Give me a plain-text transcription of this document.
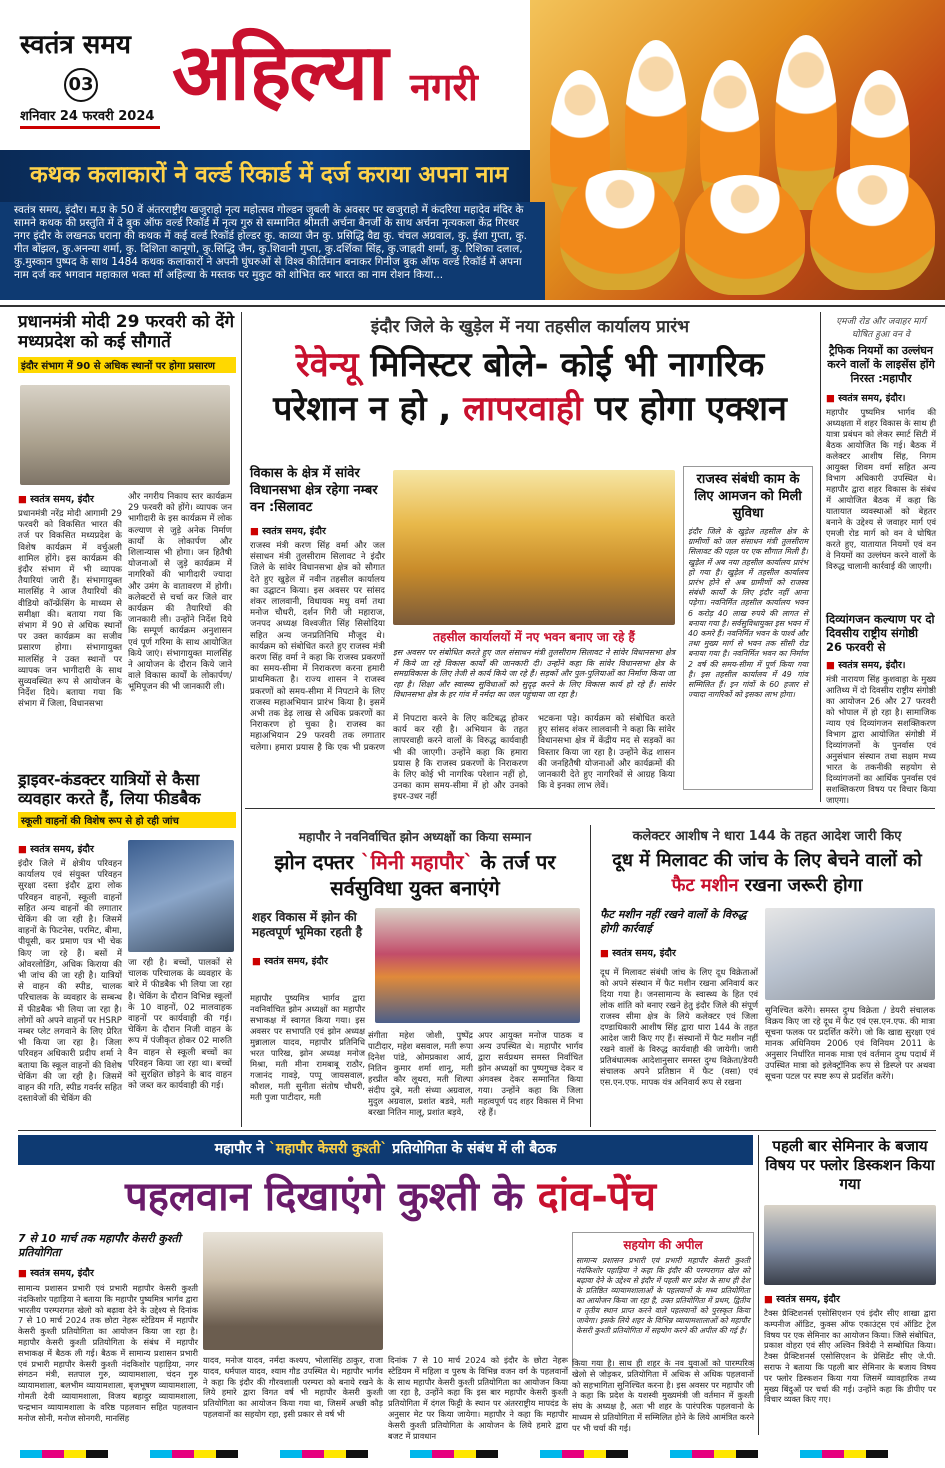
स्वतंत्र समय
03
शनिवार 24 फरवरी 2024 अहिल्या नगरी
कथक कलाकारों ने वर्ल्ड रिकार्ड में दर्ज कराया अपना नाम
स्वतंत्र समय, इंदौर। म.प्र के 50 वें अंतरराष्ट्रीय खजुराहो नृत्य महोत्सव गोल्डन जुबली के अवसर पर खजुराहो में कंदरिया महादेव मंदिर के सामने कथक की प्रस्तुति में दे बुक ऑफ वर्ल्ड रिकॉर्ड में नृत्य गुरु से सम्मानित श्रीमती अर्चना बैनर्जी के साथ अर्चना नृत्यकला केंद्र गिरधर नगर इंदौर के लखनऊ घराना की कथक में कई वर्ल्ड रिकॉर्ड होल्डर कु. काव्या जैन कु. प्रसिद्धि वैद्य कु. चंचल अग्रवाल, कु. ईशा गुप्ता, कु. गीत बोंझल, कु.अनन्या शर्मा, कु. दिशिता कानूगो, कु.सिद्धि जैन, कु.शिवानी गुप्ता, कु.दर्शिका सिंह, कु.जाह्नवी शर्मा, कु. रिशिका दलाल, कु.मुस्कान पुष्पद के साथ 1484 कथक कलाकारों ने अपनी घुंघरुओं से विश्व कीर्तिमान बनाकर गिनीज बुक ऑफ वर्ल्ड रिकॉर्ड में अपना नाम दर्ज कर भगवान महाकाल भक्त माँ अहिल्या के मस्तक पर मुकुट को शोभित कर भारत का नाम रोशन किया...
प्रधानमंत्री मोदी 29 फरवरी को देंगे मध्यप्रदेश को कई सौगातें
इंदौर संभाग में 90 से अधिक स्थानों पर होगा प्रसारण
■ स्वतंत्र समय, इंदौर
प्रधानमंत्री नरेंद्र मोदी आगामी 29 फरवरी को विकसित भारत की तर्ज पर विकसित मध्यप्रदेश के विशेष कार्यक्रम में वर्चुअली शामिल होंगे। इस कार्यक्रम की इंदौर संभाग में भी व्यापक तैयारियां जारी हैं। संभागायुक्त मालसिंह ने आज तैयारियों की वीडियो कॉन्फ्रेंसिंग के माध्यम से समीक्षा की। बताया गया कि संभाग में 90 से अधिक स्थानों पर उक्त कार्यक्रम का सजीव प्रसारण होगा। संभागायुक्त मालसिंह ने उक्त स्थानों पर व्यापक जन भागीदारी के साथ सुव्यवस्थित रूप से आयोजन के निर्देश दिये। बताया गया कि संभाग में जिला, विधानसभा
और नगरीय निकाय स्तर कार्यक्रम 29 फरवरी को होंगे। व्यापक जन भागीदारी के इस कार्यक्रम में लोक कल्याण से जुड़े अनेक निर्माण कार्यों के लोकार्पण और शिलान्यास भी होगा। जन हितैषी योजनाओं से जुड़े कार्यक्रम में नागरिकों की भागीदारी ज्यादा और उमंग के वातावरण में होगी। कलेक्टरों से चर्चा कर जिले वार कार्यक्रम की तैयारियों की जानकारी ली। उन्होंने निर्देश दिये कि सम्पूर्ण कार्यक्रम अनुशासन एवं पूर्ण गरिमा के साथ आयोजित किये जाएं। संभागायुक्त मालसिंह ने आयोजन के दौरान किये जाने वाले विकास कार्यों के लोकार्पण/भूमिपूजन की भी जानकारी ली।
ड्राइवर-कंडक्टर यात्रियों से कैसा व्यवहार करते हैं, लिया फीडबैक
स्कूली वाहनों की विशेष रूप से हो रही जांच
■ स्वतंत्र समय, इंदौर
इंदौर जिले में क्षेत्रीय परिवहन कार्यालय एवं संयुक्त परिवहन सुरक्षा दस्ता इंदौर द्वारा लोक परिवहन वाहनों, स्कूली वाहनों सहित अन्य वाहनों की लगातार चेकिंग की जा रही है। जिसमें वाहनों के फिटनेस, परमिट, बीमा, पीयूसी, कर प्रमाण पत्र भी चेक किए जा रहे हैं। बसों में ओवरलोडिंग, अधिक किराया की भी जांच की जा रही है। यात्रियों से वाहन की स्पीड, चालक परिचालक के व्यवहार के सम्बन्ध में फीडबैक भी लिया जा रहा है। लोगों को अपने वाहनों पर HSRP नम्बर प्लेट लगवाने के लिए प्रेरित भी किया जा रहा है। जिला परिवहन अधिकारी प्रदीप शर्मा ने बताया कि स्कूल वाहनों की विशेष चेकिंग की जा रही है। जिसमें वाहन की गति, स्पीड गवर्नर सहित दस्तावेजों की चेकिंग की
जा रही है। बच्चों, पालकों से चालक परिचालक के व्यवहार के बारे में फीडबैक भी लिया जा रहा है। चेकिंग के दौरान विभिन्न स्कूलों के 10 वाहनों, 02 मालवाहक वाहनों पर कार्यवाही की गई। चेकिंग के दौरान निजी वाहन के रूप में पंजीकृत होकर 02 मारुति वैन वाहन से स्कूली बच्चों का परिवहन किया जा रहा था। बच्चों को सुरक्षित छोड़ने के बाद वाहन को जब्त कर कार्यवाही की गई।
इंदौर जिले के खुड़ेल में नया तहसील कार्यालय प्रारंभ
रेवेन्यू मिनिस्टर बोले- कोई भी नागरिक
परेशान न हो , लापरवाही पर होगा एक्शन
विकास के क्षेत्र में सांवेर विधानसभा क्षेत्र रहेगा नम्बर वन :सिलावट
■ स्वतंत्र समय, इंदौर
राजस्व मंत्री करण सिंह वर्मा और जल संसाधन मंत्री तुलसीराम सिलावट ने इंदौर जिले के सांवेर विधानसभा क्षेत्र को सौगात देते हुए खुड़ेल में नवीन तहसील कार्यालय का उद्घाटन किया। इस अवसर पर सांसद शंकर लालवानी, विधायक मधु वर्मा तथा मनोज चौधरी, दर्शन गिरी जी महाराज, जनपद अध्यक्ष विश्वजीत सिंह सिसोदिया सहित अन्य जनप्रतिनिधि मौजूद थे। कार्यक्रम को संबोधित करते हुए राजस्व मंत्री करण सिंह वर्मा ने कहा कि राजस्व प्रकरणों का समय-सीमा में निराकरण करना हमारी प्राथमिकता है। राज्य शासन ने राजस्व प्रकरणों को समय-सीमा में निपटाने के लिए राजस्व महाअभियान प्रारंभ किया है। इसमें अभी तक डेढ़ लाख से अधिक प्रकरणों का निराकरण हो चुका है। राजस्व का महाअभियान 29 फरवरी तक लगातार चलेगा। हमारा प्रयास है कि एक भी प्रकरण
तहसील कार्यालयों में नए भवन बनाए जा रहे हैं
इस अवसर पर संबोधित करते हुए जल संसाधन मंत्री तुलसीराम सिलावट ने सांवेर विधानसभा क्षेत्र में किये जा रहे विकास कार्यों की जानकारी दी। उन्होंने कहा कि सांवेर विधानसभा क्षेत्र के समग्रविकास के लिए तेजी से कार्य किये जा रहे हैं। सड़कों और पुल-पुलियाओं का निर्माण किया जा रहा है। शिक्षा और स्वास्थ्य सुविधाओं को सुदृढ़ करने के लिए विकास कार्य हो रहे हैं। सांवेर विधानसभा क्षेत्र के हर गांव में नर्मदा का जल पहुंचाया जा रहा है।
में निपटारा करने के लिए कटिबद्ध होकर कार्य कर रही है। अभियान के तहत लापरवाही करने वालों के विरुद्ध कार्यवाही भी की जाएगी। उन्होंने कहा कि हमारा प्रयास है कि राजस्व प्रकरणों के निराकरण के लिए कोई भी नागरिक परेशान नहीं हो, उनका काम समय-सीमा में हो और उनको इधर-उधर नहीं
भटकना पड़े। कार्यक्रम को संबोधित करते हुए सांसद शंकर लालवानी ने कहा कि सांवेर विधानसभा क्षेत्र में केंद्रीय मद से सड़कों का विस्तार किया जा रहा है। उन्होंने केंद्र शासन की जनहितैषी योजनाओं और कार्यक्रमों की जानकारी देते हुए नागरिकों से आग्रह किया कि वे इनका लाभ लेवें।
राजस्व संबंधी काम के लिए आमजन को मिली सुविधा
इंदौर जिले के खुड़ेल तहसील क्षेत्र के ग्रामीणों को जल संसाधन मंत्री तुलसीराम सिलावट की पहल पर एक सौगात मिली है। खुड़ेल में अब नया तहसील कार्यालय प्रारंभ हो गया है। खुड़ेल में तहसील कार्यालय प्रारंभ होने से अब ग्रामीणों को राजस्व संबंधी कार्यों के लिए इंदौर नहीं आना पड़ेगा। नवनिर्मित तहसील कार्यालय भवन 6 करोड़ 40 लाख रुपये की लागत से बनाया गया है। सर्वसुविधायुक्त इस भवन में 40 कमरे हैं। नवनिर्मित भवन के पार्श्व और तथा मुख्य मार्ग से भवन तक सीसी रोड बनाया गया है। नवनिर्मित भवन का निर्माण 2 वर्ष की समय-सीमा में पूर्ण किया गया है। इस तहसील कार्यालय में 49 गांव सम्मिलित हैं। इन गांवों के 60 हजार से ज्यादा नागरिकों को इसका लाभ होगा।
एमजी रोड और जवाहर मार्ग घोषित हुआ वन वे
ट्रैफिक नियमों का उल्लंघन करने वालों के लाइसेंस होंगे निरस्त :महापौर
■ स्वतंत्र समय, इंदौर।
महापौर पुष्यमित्र भार्गव की अध्यक्षता में शहर विकास के साथ ही यात्रा प्रबंधन को लेकर स्मार्ट सिटी में बैठक आयोजित कि गई। बैठक में कलेक्टर आशीष सिंह, निगम आयुक्त शिवम वर्मा सहित अन्य विभाग अधिकारी उपस्थित थे। महापौर द्वारा शहर विकास के संबंध में आयोजित बैठक में कहा कि यातायात व्यवस्थाओं को बेहतर बनाने के उद्देश्य से जवाहर मार्ग एवं एमजी रोड मार्ग को वन वे घोषित करते हुए, यातायात नियमों एवं वन वे नियमों का उल्लंघन करने वालों के विरुद्ध चालानी कार्रवाई की जाएगी।
दिव्यांगजन कल्याण पर दो दिवसीय राष्ट्रीय संगोष्ठी 26 फरवरी से
■ स्वतंत्र समय, इंदौर।
मंत्री नारायण सिंह कुशवाहा के मुख्य आतिथ्य में दो दिवसीय राष्ट्रीय संगोष्ठी का आयोजन 26 और 27 फरवरी को भोपाल में हो रहा है। सामाजिक न्याय एवं दिव्यांगजन सशक्तिकरण विभाग द्वारा आयोजित संगोष्ठी में दिव्यांगजनों के पुनर्वास एवं अनुसंधान संस्थान तथा सक्षम मध्य भारत के तकनीकी सहयोग से दिव्यांगजनों का आर्थिक पुनर्वास एवं सशक्तिकरण विषय पर विचार किया जाएगा।
महापौर ने नवनिर्वाचित झोन अध्यक्षों का किया सम्मान
झोन दफ्तर `मिनी महापौर` के तर्ज पर सर्वसुविधा युक्त बनाएंगे
शहर विकास में झोन की महत्वपूर्ण भूमिका रहती है
■ स्वतंत्र समय, इंदौर
महापौर पुष्यमित्र भार्गव द्वारा नवनिर्वाचित झोन अध्यक्षों का महापौर सभाकक्ष में स्वागत किया गया। इस अवसर पर सभापति एवं झोन अध्यक्ष मुन्नालाल यादव, महापौर प्रतिनिधि भरत पारिख, झोन अध्यक्ष मनोज मिश्रा, मती मीना रामबाबू राठौर, गजानंद गावड़े, पप्पू जायसवाल, कौशल, मती सुनीता संतोष चौधरी, मती पुजा पाटीदार, मती
संगीता महेश जोशी, पुष्पेंद्र पाटीदार, महेश बसवाल, मती रूपा दिनेश पांडे, ओमप्रकाश आर्य, नितिन कुमार शर्मा शानू, मती हरप्रीत कौर लूथरा, मती शिल्पा संदीप दुबे, मती संध्या अग्रवाल, मुदुल अग्रवाल, प्रशांत बडवे, मती बरखा नितिन मालू, प्रशांत बड़वे,
अपर आयुक्त मनोज पाठक व अन्य उपस्थित थे। महापौर भार्गव द्वारा सर्वप्रथम समस्त निर्वाचित झोन अध्यक्षों का पुष्पगुच्छ देकर व अंगवस्त्र देकर सम्मानित किया गया। उन्होंने कहा कि जिला महत्वपूर्ण पद शहर विकास में निभा रहे हैं।
कलेक्टर आशीष ने धारा 144 के तहत आदेश जारी किए
दूध में मिलावट की जांच के लिए बेचने वालों को फैट मशीन रखना जरूरी होगा
फैट मशीन नहीं रखने वालों के विरुद्ध होगी कार्रवाई
■ स्वतंत्र समय, इंदौर
दूध में मिलावट संबंधी जांच के लिए दूध विक्रेताओं को अपने संस्थान में फैट मशीन रखना अनिवार्य कर दिया गया है। जनसामान्य के स्वास्थ्य के हित एवं लोक शांति को बनाए रखने हेतु इंदौर जिले की संपूर्ण राजस्व सीमा क्षेत्र के लिये कलेक्टर एवं जिला दण्डाधिकारी आशीष सिंह द्वारा धारा 144 के तहत आदेश जारी किए गए हैं। संस्थानों में फैट मशीन नहीं रखने वालों के विरुद्ध कार्यवाही की जायेगी। जारी प्रतिबंधात्मक आदेशानुसार समस्त दुग्ध विक्रेता/डेयरी संचालक अपने प्रतिष्ठान में फैट (वसा) एवं एस.एन.एफ. मापक यंत्र अनिवार्य रूप से रखना
सुनिश्चित करेंगे। समस्त दुग्ध विक्रेता / डेयरी संचालक विक्रय किए जा रहे दूध में फैट एवं एस.एन.एफ. की मात्रा सूचना फलक पर प्रदर्शित करेंगे। जो कि खाद्य सुरक्षा एवं मानक अधिनियम 2006 एवं विनियम 2011 के अनुसार निर्धारित मानक मात्रा एवं वर्तमान दुग्ध पदार्थ में उपस्थित मात्रा को इलेक्ट्रॉनिक रूप से डिस्प्ले पर अथवा सूचना पटल पर स्पष्ट रूप से प्रदर्शित करेंगे।
महापौर ने `महापौर केसरी कुश्ती` प्रतियोगिता के संबंध में ली बैठक
पहलवान दिखाएंगे कुश्ती के दांव-पेंच
7 से 10 मार्च तक महापौर केसरी कुश्ती प्रतियोगिता
■ स्वतंत्र समय, इंदौर
सामान्य प्रशासन प्रभारी एवं प्रभारी महापौर केसरी कुश्ती नंदकिशोर पहाड़िया ने बताया कि महापौर पुष्यमित्र भार्गव द्वारा भारतीय परम्परागत खेलो को बढ़ावा देने के उद्देश्य से दिनांक 7 से 10 मार्च 2024 तक छोटा नेहरू स्टेडियम में महापौर केसरी कुश्ती प्रतियोगिता का आयोजन किया जा रहा है। महापौर केसरी कुश्ती प्रतियोगिता के संबंध में महापौर सभाकक्ष में बैठक ली गई। बैठक में सामान्य प्रशासन प्रभारी एवं प्रभारी महापौर केसरी कुश्ती नंदकिशोर पहाड़िया, नगर संगठन मंत्री, सतपाल गुरु, व्यायामशाला, चंदन गुरु व्यायामशाला, बलभीम व्यायामशाला, बृजभूषण व्यायामशाला, गोमती देवी व्यायामशाला, विजय बहादुर व्यायामशाला, चन्द्रभान व्यायामशाला के वरिष्ठ पहलवान सहित पहलवान मनोज सोनी, मनोज सोनगरी, मानसिंह
यादव, मनोज यादव, नर्मदा कश्यप, भोलासिंह ठाकुर, राजा यादव, धर्मपाल यादव, श्याम गौड उपस्थित थे। महापौर भार्गव ने कहा कि इंदौर की गौरवशाली परम्परा को बनाये रखने के लिये हमारे द्वारा विगत वर्ष भी महापौर केसरी कुश्ती प्रतियोगिता का आयोजन किया गया था, जिसमें अच्छी कौड़ पहलवानों का सहयोग रहा, इसी प्रकार से वर्ष भी
दिनांक 7 से 10 मार्च 2024 को इंदौर के छोटा नेहरू स्टेडियम में महिला व पुरुष के विभिन्न वजन वर्ग के पहलवानों के साथ महापौर केसरी कुश्ती प्रतियोगिता का आयोजन किया जा रहा है, उन्होंने कहा कि इस बार महापौर केसरी कुश्ती प्रतियोगिता में दंगल फिट्टी के स्थान पर अंतरराष्ट्रीय मापदंड के अनुसार मेट पर किया जायेगा। महापौर ने कहा कि महापौर केसरी कुश्ती प्रतियोगिता के आयोजन के लिये हमारे द्वारा बजट में प्रावधान
सहयोग की अपील
सामान्य प्रशासन प्रभारी एवं प्रभारी महापौर केसरी कुश्ती नंदकिशोर पहाड़िया ने कहा कि इंदौर की परम्परागत खेल को बढ़ावा देने के उद्देश्य से इंदौर में पहली बार प्रदेश के साथ ही देश के प्रतिष्ठित व्यायामशालाओं के पहलवानों के मध्य प्रतियोगिता का आयोजन किया जा रहा है, उक्त प्रतियोगिता में प्रथम, द्वितीय व तृतीय स्थान प्राप्त करने वाले पहलवानों को पुरस्कृत किया जायेगा। इसके लिये शहर के विभिन्न व्यायामशालाओं को महापौर केसरी कुश्ती प्रतियोगिता में सहयोग करने की अपील की गई है।
किया गया है। साथ ही शहर के नव युवाओं को पारम्परिक खेलो से जोड़कर, प्रतियोगिता में अधिक से अधिक पहलवानों को सहभागिता सुनिश्चित करना है। इस अवसर पर महापौर जी ने कहा कि प्रदेश के यशस्वी मुख्यमंत्री जी वर्तमान में कुश्ती संघ के अध्यक्ष है, अतः भी शहर के पारंपरिक पहलवानो के माध्यम से प्रतियोगिता में सम्मिलित होने के लिये आमंत्रित करने पर भी चर्चा की गई।
पहली बार सेमिनार के बजाय विषय पर फ्लोर डिस्कशन किया गया
■ स्वतंत्र समय, इंदौर
टैक्स प्रैक्टिशनर्स एसोसिएशन एवं इंदौर सीए शाखा द्वारा कम्पनीज ऑडिट, कुक्स ऑफ एकाउंट्स एवं ऑडिट ट्रेल विषय पर एक सेमिनार का आयोजन किया। जिसे संबोधित, प्रकाश वोहरा एवं सीए अश्विन त्रिवेदी ने सम्बोधित किया। टैक्स प्रैक्टिशनर्स एसोसिएशन के प्रेसिडेंट सीए जे.पी. सराफ ने बताया कि पहली बार सेमिनार के बजाय विषय पर फ्लोर डिस्कशन किया गया जिसमें व्यावहारिक तथ्य मुख्य बिंदुओं पर चर्चा की गई। उन्होंने कहा कि डीपीए पर विचार व्यक्त किए गए।
